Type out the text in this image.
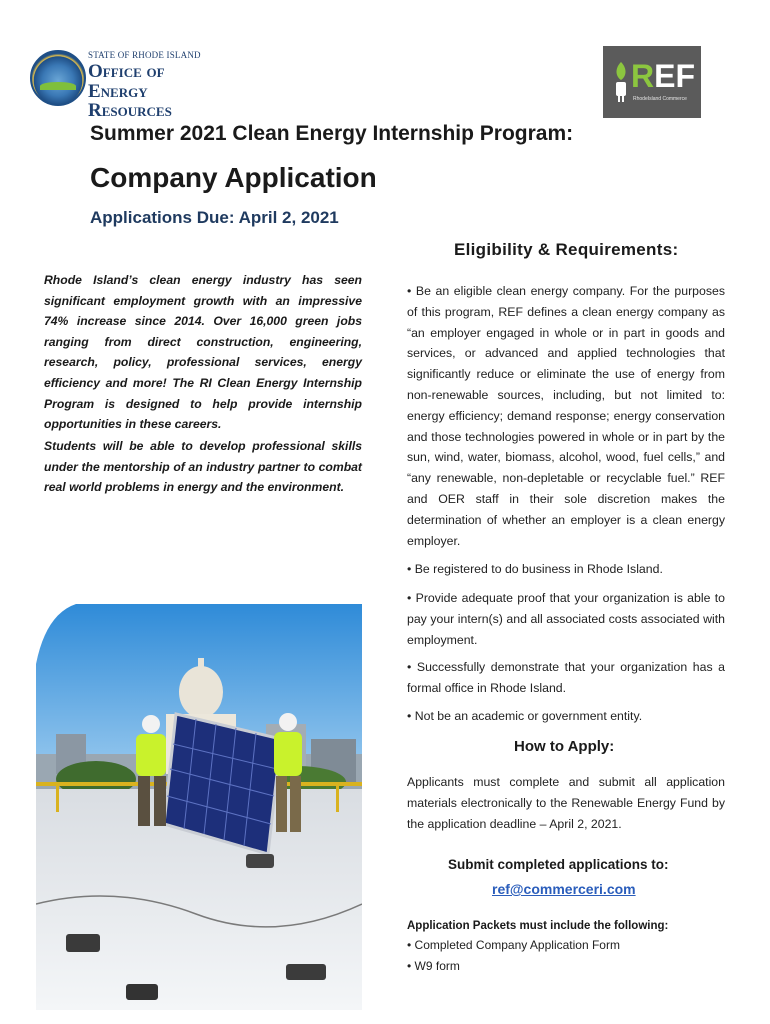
STATE OF RHODE ISLAND
Office of
Energy Resources
REF
RhodeIsland Commerce
Summer 2021 Clean Energy Internship Program:
Company Application
Applications Due: April 2, 2021
Rhode Island’s clean energy industry has seen significant employment growth with an impressive 74% increase since 2014. Over 16,000 green jobs ranging from direct construction, engineering, research, policy, professional services, energy efficiency and more! The RI Clean Energy Internship Program is designed to help provide internship opportunities in these careers.
Students will be able to develop professional skills under the mentorship of an industry partner to combat real world problems in energy and the environment.
Eligibility & Requirements:
• Be an eligible clean energy company. For the purposes of this program, REF defines a clean energy company as “an employer engaged in whole or in part in goods and services, or advanced and applied technologies that significantly reduce or eliminate the use of energy from non-renewable sources, including, but not limited to: energy efficiency; demand response; energy conservation and those technologies powered in whole or in part by the sun, wind, water, biomass, alcohol, wood, fuel cells,” and “any renewable, non-depletable or recyclable fuel.” REF and OER staff in their sole discretion makes the determination of whether an employer is a clean energy employer.
• Be registered to do business in Rhode Island.
• Provide adequate proof that your organization is able to pay your intern(s) and all associated costs associated with employment.
• Successfully demonstrate that your organization has a formal office in Rhode Island.
• Not be an academic or government entity.
How to Apply:
Applicants must complete and submit all application materials electronically to the Renewable Energy Fund by the application deadline – April 2, 2021.
Submit completed applications to:
ref@commerceri.com
Application Packets must include the following:
• Completed Company Application Form
• W9 form
